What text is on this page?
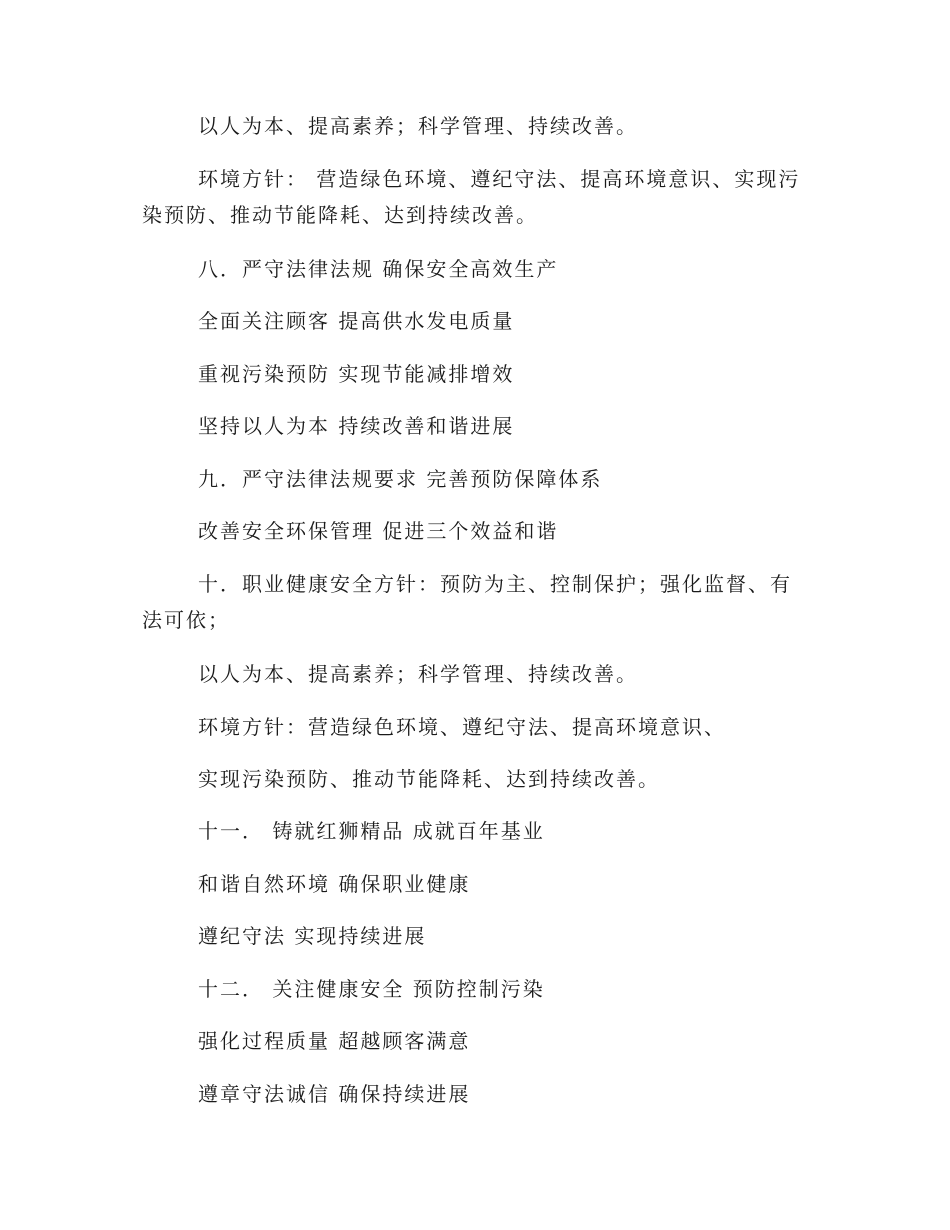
以人为本、提高素养；科学管理、持续改善。

环境方针： 营造绿色环境、遵纪守法、提高环境意识、实现污染预防、推动节能降耗、达到持续改善。

八．严守法律法规 确保安全高效生产

全面关注顾客 提高供水发电质量

重视污染预防 实现节能减排增效

坚持以人为本 持续改善和谐进展

九．严守法律法规要求 完善预防保障体系

改善安全环保管理 促进三个效益和谐

十．职业健康安全方针：预防为主、控制保护；强化监督、有法可依；

以人为本、提高素养；科学管理、持续改善。

环境方针：营造绿色环境、遵纪守法、提高环境意识、

实现污染预防、推动节能降耗、达到持续改善。

十一． 铸就红狮精品 成就百年基业

和谐自然环境 确保职业健康

遵纪守法 实现持续进展

十二． 关注健康安全 预防控制污染

强化过程质量 超越顾客满意

遵章守法诚信 确保持续进展
